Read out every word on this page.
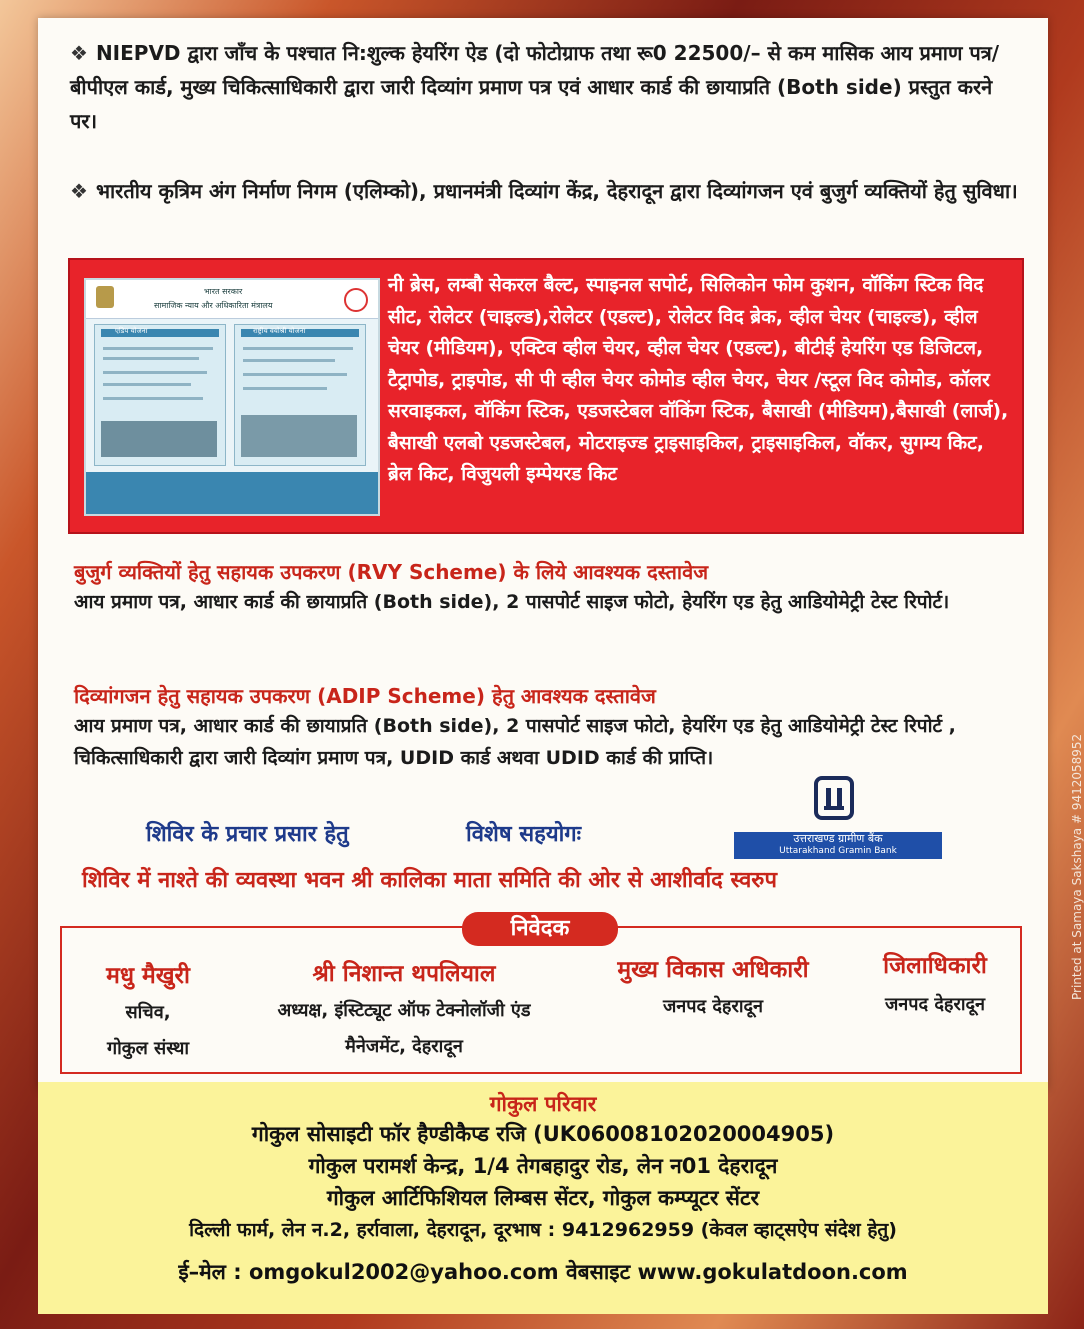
❖ NIEPVD द्वारा जाँच के पश्चात नि:शुल्क हेयरिंग ऐड (दो फोटोग्राफ तथा रू0 22500/– से कम मासिक आय प्रमाण पत्र/ बीपीएल कार्ड, मुख्य चिकित्साधिकारी द्वारा जारी दिव्यांग प्रमाण पत्र एवं आधार कार्ड की छायाप्रति (Both side) प्रस्तुत करने पर।
❖ भारतीय कृत्रिम अंग निर्माण निगम (एलिम्को), प्रधानमंत्री दिव्यांग केंद्र, देहरादून द्वारा दिव्यांगजन एवं बुजुर्ग व्यक्तियों हेतु सुविधा।
भारत सरकार
सामाजिक न्याय और अधिकारिता मंत्रालय
एडिप योजना	राष्ट्रीय वयोश्री योजना
नी ब्रेस, लम्बौ सेकरल बैल्ट, स्पाइनल सपोर्ट, सिलिकोन फोम कुशन, वॉकिंग स्टिक विद सीट, रोलेटर (चाइल्ड),रोलेटर (एडल्ट), रोलेटर विद ब्रेक, व्हील चेयर (चाइल्ड), व्हील चेयर (मीडियम), एक्टिव व्हील चेयर, व्हील चेयर (एडल्ट), बीटीई हेयरिंग एड डिजिटल, टैट्रापोड, ट्राइपोड, सी पी व्हील चेयर कोमोड व्हील चेयर, चेयर /स्टूल विद कोमोड, कॉलर सरवाइकल, वॉकिंग स्टिक, एडजस्टेबल वॉकिंग स्टिक, बैसाखी (मीडियम),बैसाखी (लार्ज), बैसाखी एलबो एडजस्टेबल, मोटराइज्ड ट्राइसाइकिल, ट्राइसाइकिल, वॉकर, सुगम्य किट, ब्रेल किट, विजुयली इम्पेयरड किट
बुजुर्ग व्यक्तियों हेतु सहायक उपकरण (RVY Scheme) के लिये आवश्यक दस्तावेज
आय प्रमाण पत्र, आधार कार्ड की छायाप्रति (Both side), 2 पासपोर्ट साइज फोटो, हेयरिंग एड हेतु आडियोमेट्री टेस्ट रिपोर्ट।
दिव्यांगजन हेतु सहायक उपकरण (ADIP Scheme) हेतु आवश्यक दस्तावेज
आय प्रमाण पत्र, आधार कार्ड की छायाप्रति (Both side), 2 पासपोर्ट साइज फोटो, हेयरिंग एड हेतु आडियोमेट्री टेस्ट रिपोर्ट , चिकित्साधिकारी द्वारा जारी दिव्यांग प्रमाण पत्र, UDID कार्ड अथवा UDID कार्ड की प्राप्ति।
शिविर के प्रचार प्रसार हेतु	विशेष सहयोगः	उत्तराखण्ड ग्रामीण बैंक
Uttarakhand Gramin Bank
शिविर में नाश्ते की व्यवस्था भवन श्री कालिका माता समिति की ओर से आशीर्वाद स्वरुप
निवेदक
मधु मैखुरी
सचिव,
गोकुल संस्था
श्री निशान्त थपलियाल
अध्यक्ष, इंस्टिट्यूट ऑफ टेक्नोलॉजी एंड
मैनेजमेंट, देहरादून
मुख्य विकास अधिकारी
जनपद देहरादून
जिलाधिकारी
जनपद देहरादून
गोकुल परिवार
गोकुल सोसाइटी फॉर हैण्डीकैप्ड रजि (UK06008102020004905)
गोकुल परामर्श केन्द्र, 1/4 तेगबहादुर रोड, लेन न01 देहरादून
गोकुल आर्टिफिशियल लिम्बस सेंटर, गोकुल कम्प्यूटर सेंटर
दिल्ली फार्म, लेन न.2, हर्रावाला, देहरादून, दूरभाष : 9412962959 (केवल व्हाट्सऐप संदेश हेतु)
ई–मेल : omgokul2002@yahoo.com वेबसाइट www.gokulatdoon.com
Printed at Samaya Sakshaya # 9412058952
